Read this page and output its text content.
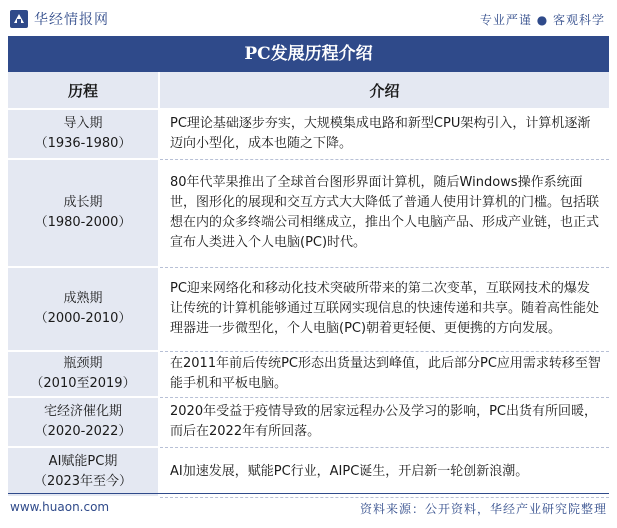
华经情报网	专业严谨 ● 客观科学
PC发展历程介绍
历程	介绍

导入期
（1936-1980）	PC理论基础逐步夯实，大规模集成电路和新型CPU架构引入，计算机逐渐迈向小型化，成本也随之下降。

成长期
（1980-2000）	80年代苹果推出了全球首台图形界面计算机，随后Windows操作系统面世，图形化的展现和交互方式大大降低了普通人使用计算机的门槛。包括联想在内的众多终端公司相继成立，推出个人电脑产品、形成产业链，也正式宣布人类进入个人电脑(PC)时代。

成熟期
（2000-2010）	PC迎来网络化和移动化技术突破所带来的第二次变革，互联网技术的爆发让传统的计算机能够通过互联网实现信息的快速传递和共享。随着高性能处理器进一步微型化，个人电脑(PC)朝着更轻便、更便携的方向发展。

瓶颈期
（2010至2019）	在2011年前后传统PC形态出货量达到峰值，此后部分PC应用需求转移至智能手机和平板电脑。

宅经济催化期
（2020-2022）	2020年受益于疫情导致的居家远程办公及学习的影响，PC出货有所回暖，而后在2022年有所回落。

AI赋能PC期
（2023年至今）	AI加速发展，赋能PC行业，AIPC诞生，开启新一轮创新浪潮。
www.huaon.com	资料来源：公开资料，华经产业研究院整理
